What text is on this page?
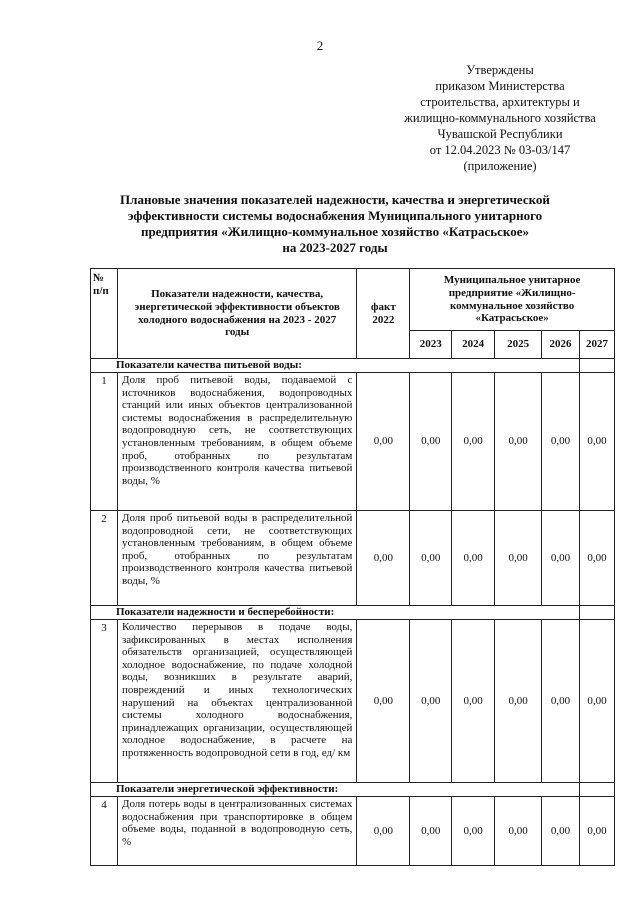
2
Утверждены
приказом Министерства
строительства, архитектуры и
жилищно-коммунального хозяйства
Чувашской Республики
от 12.04.2023 № 03-03/147
(приложение)
Плановые значения показателей надежности, качества и энергетической
эффективности системы водоснабжения Муниципального унитарного
предприятия «Жилищно-коммунальное хозяйство «Катрасьское»
на 2023-2027 годы
№ п/п	Показатели надежности, качества, энергетической эффективности объектов холодного водоснабжения на 2023 - 2027 годы	факт 2022	Муниципальное унитарное предприятие «Жилищно-коммунальное хозяйство «Катрасьское»				
			2023	2024	2025	2026	2027
Показатели качества питьевой воды:							
1	Доля проб питьевой воды, подаваемой с источников водоснабжения, водопроводных станций или иных объектов централизованной системы водоснабжения в распределительную водопроводную сеть, не соответствующих установленным требованиям, в общем объеме проб, отобранных по результатам производственного контроля качества питьевой воды, %	0,00	0,00	0,00	0,00	0,00	0,00
2	Доля проб питьевой воды в распределительной водопроводной сети, не соответствующих установленным требованиям, в общем объеме проб, отобранных по результатам производственного контроля качества питьевой воды, %	0,00	0,00	0,00	0,00	0,00	0,00
Показатели надежности и бесперебойности:							
3	Количество перерывов в подаче воды, зафиксированных в местах исполнения обязательств организацией, осуществляющей холодное водоснабжение, по подаче холодной воды, возникших в результате аварий, повреждений и иных технологических нарушений на объектах централизованной системы холодного водоснабжения, принадлежащих организации, осуществляющей холодное водоснабжение, в расчете на протяженность водопроводной сети в год, ед/ км	0,00	0,00	0,00	0,00	0,00	0,00
Показатели энергетической эффективности:							
4	Доля потерь воды в централизованных системах водоснабжения при транспортировке в общем объеме воды, поданной в водопроводную сеть, %	0,00	0,00	0,00	0,00	0,00	0,00
